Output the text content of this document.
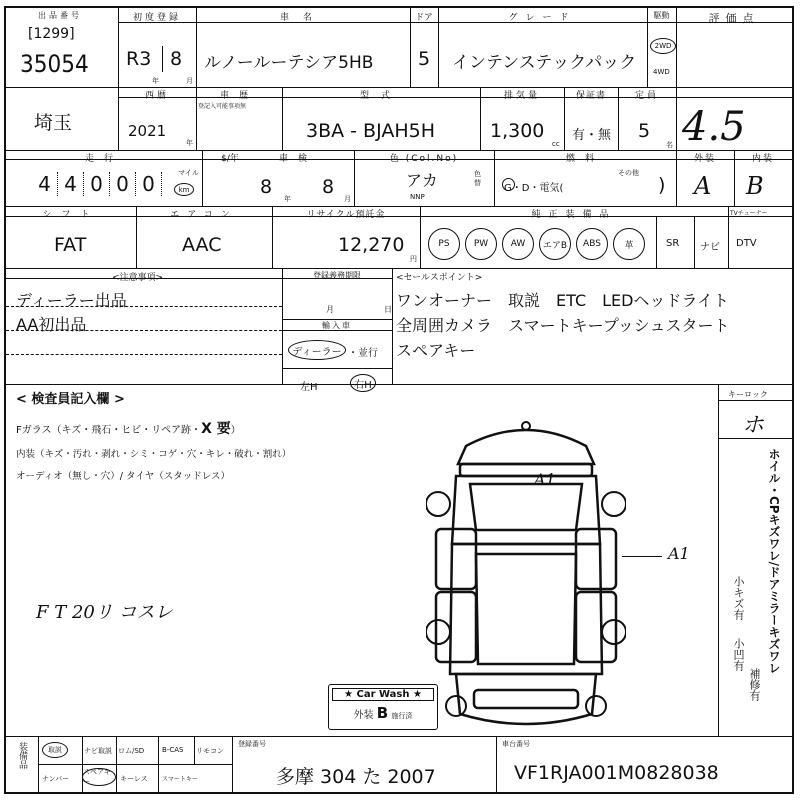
出品番号
[1299]
35054
初度登録
R3 8
年	月
車名
ルノールーテシア5HB
ドア
5
グレード
インテンステックパック
駆動
2WD
4WD
評価点
4.5
埼玉
西暦
2021
年
車歴
登記入可能事項無
型式
3BA - BJAH5H
排気量
1,300
cc
保証書
有・無
定員
5
名
走行	$/年
4 4 0 0 0	マイル
km
車検
8
年
8
月
色 (Col.No)
アカ
NNP
色替
燃料
G・D・電気(
その他
)
外装
A
内装
B
シフト
FAT
エアコン
AAC
リサイクル預託金
12,270
円
純正装備品
PS	PW	AW	エアB	ABS	革	SR ナビ DTV
TVチューナー
<注意事項>
ディーラー出品
AA初出品
登録義務期限
月	日
輸入車
ディーラー ・並行
左H	右H
<セールスポイント>
ワンオーナー　取説　ETC　LEDヘッドライト
全周囲カメラ　スマートキープッシュスタート
スペアキー
< 検査員記入欄 >
Fガラス（キズ・飛石・ヒビ・リペア跡・X 要）
内装（キズ・汚れ・剥れ・シミ・コゲ・穴・キレ・破れ・割れ）
オーディオ（無し・穴）/ タイヤ（スタッドレス）
F T 20リ コスレ
A1
A1
★ Car Wash ★
外装 B 施行済
キーロック
ホ
ホイル・CPキズワレ/ドアミラーキズワレ
小キズ有
小凹有
補修有
装備品	取説	ナビ取説 ロム/SD	B-CAS リモコン
ナンバー
スペアキー	キーレス スマートキー
登録番号
多摩 304 た 2007
車台番号
VF1RJA001M0828038
